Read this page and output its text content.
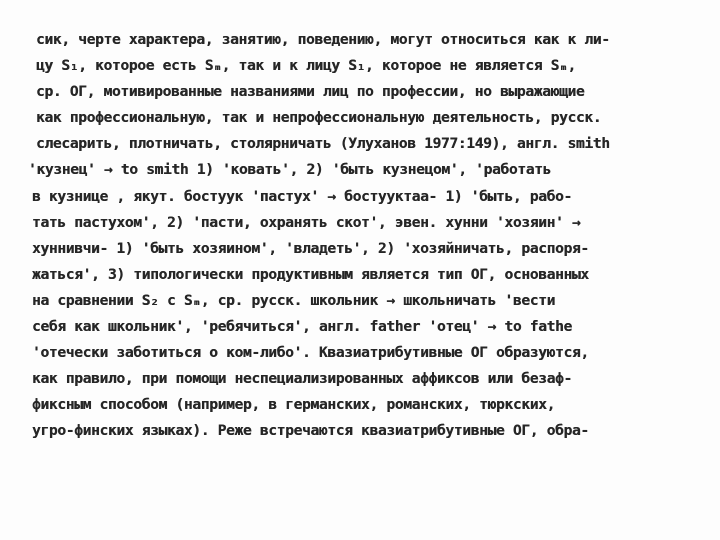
сик, черте характера, занятию, поведению, могут относиться как к ли-
цу S₁, которое есть Sₘ, так и к лицу S₁, которое не является Sₘ,
ср. ОГ, мотивированные названиями лиц по профессии, но выражающие
как профессиональную, так и непрофессиональную деятельность, русск.
слесарить, плотничать, столярничать (Улуханов 1977:149), англ. smith
'кузнец' → to smith 1) 'ковать', 2) 'быть кузнецом', 'работать
в кузнице , якут. бостуук 'пастух' → бостууктаа- 1) 'быть, рабо-
тать пастухом', 2) 'пасти, охранять скот', эвен. хунни 'хозяин' →
хуннивчи- 1) 'быть хозяином', 'владеть', 2) 'хозяйничать, распоря-
жаться', 3) типологически продуктивным является тип ОГ, основанных
на сравнении S₂ с Sₘ, ср. русск. школьник → школьничать 'вести
себя как школьник', 'ребячиться', англ. father 'отец' → to fathe
'отечески заботиться о ком-либо'. Квазиатрибутивные ОГ образуются,
как правило, при помощи неспециализированных аффиксов или безаф-
фиксным способом (например, в германских, романских, тюркских,
угро-финских языках). Реже встречаются квазиатрибутивные ОГ, обра-
